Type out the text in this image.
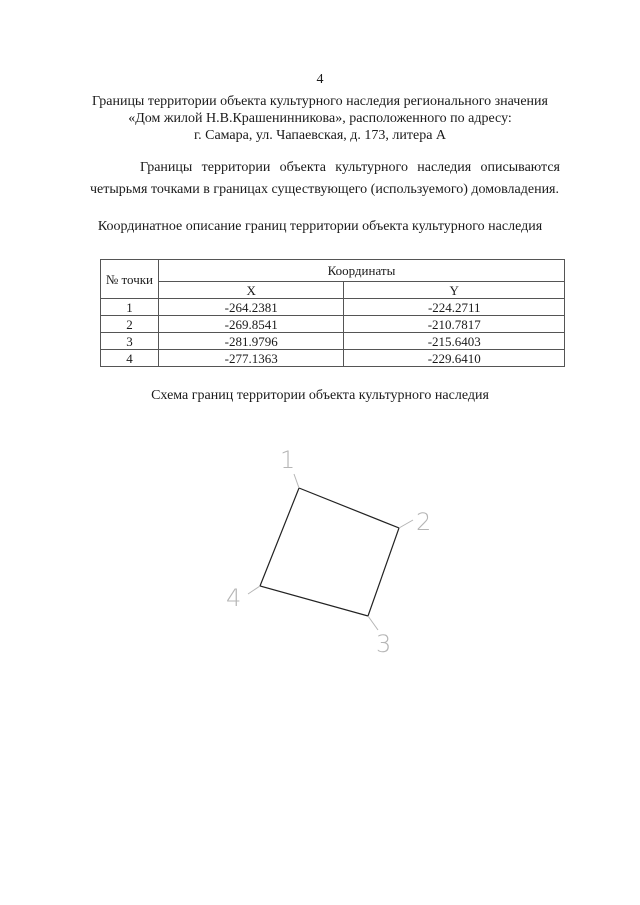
4
Границы территории объекта культурного наследия регионального значения
«Дом жилой Н.В.Крашенинникова», расположенного по адресу:
г. Самара, ул. Чапаевская, д. 173, литера А
Границы территории объекта культурного наследия описываются
четырьмя точками в границах существующего (используемого) домовладения.
Координатное описание границ территории объекта культурного наследия
№ точки	Координаты	
	X	Y
1	-264.2381	-224.2711
2	-269.8541	-210.7817
3	-281.9796	-215.6403
4	-277.1363	-229.6410
Схема границ территории объекта культурного наследия
1
2
3
4
